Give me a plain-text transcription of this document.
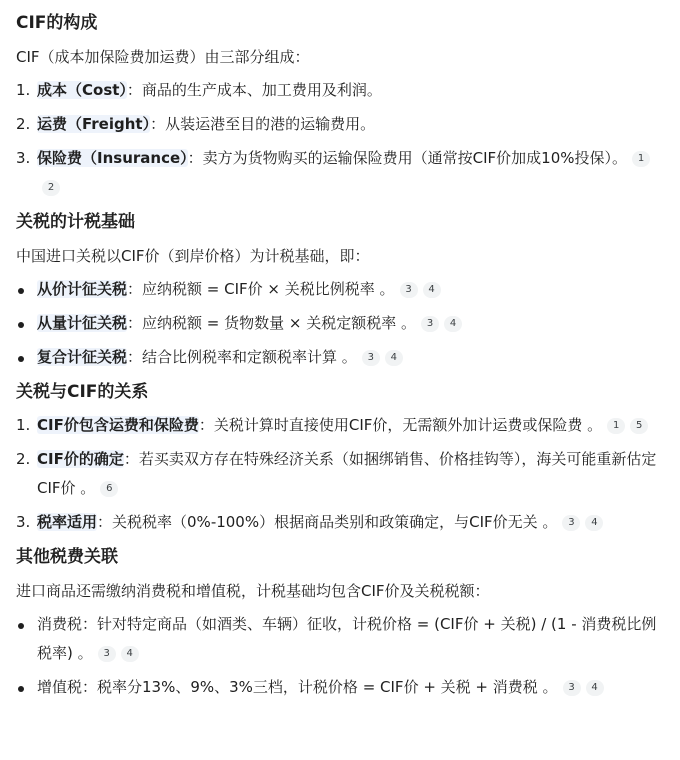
CIF的构成

CIF（成本加保险费加运费）由三部分组成：

1. 成本（Cost）：商品的生产成本、加工费用及利润。
2. 运费（Freight）：从装运港至目的港的运输费用。
3. 保险费（Insurance）：卖方为货物购买的运输保险费用（通常按CIF价加成10%投保）。 12
关税的计税基础

中国进口关税以CIF价（到岸价格）为计税基础，即：

从价计征关税：应纳税额 = CIF价 × 关税比例税率 。 3 4
从量计征关税：应纳税额 = 货物数量 × 关税定额税率 。 3 4
复合计征关税：结合比例税率和定额税率计算 。 3 4
关税与CIF的关系
1. CIF价包含运费和保险费：关税计算时直接使用CIF价，无需额外加计运费或保险费 。 1 5
2. CIF价的确定：若买卖双方存在特殊经济关系（如捆绑销售、价格挂钩等），海关可能重新估定CIF价 。 6
3. 税率适用：关税税率（0%-100%）根据商品类别和政策确定，与CIF价无关 。 3 4
其他税费关联

进口商品还需缴纳消费税和增值税，计税基础均包含CIF价及关税税额：

消费税：针对特定商品（如酒类、车辆）征收，计税价格 = (CIF价 + 关税) / (1 - 消费税比例税率) 。 3 4
增值税：税率分13%、9%、3%三档，计税价格 = CIF价 + 关税 + 消费税 。 3 4
